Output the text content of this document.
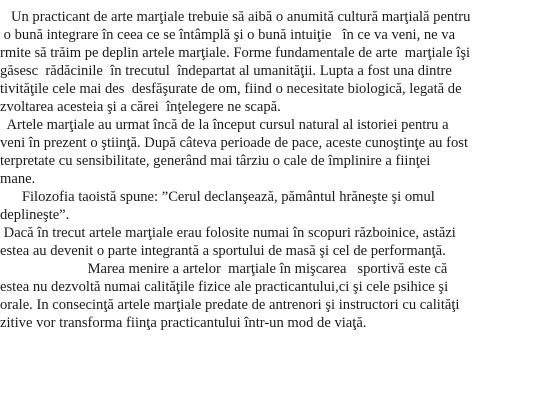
Un practicant de arte marţiale trebuie să aibă o anumită cultură marţială pentru
o bună integrare în ceea ce se întâmplă şi o bună intuiţie   în ce va veni, ne va
rmite să trăim pe deplin artele marţiale. Forme fundamentale de arte  marţiale îşi
găsesc  rădăcinile  în trecutul  îndepartat al umanităţii. Lupta a fost una dintre
tivităţile cele mai des  desfăşurate de om, fiind o necesitate biologică, legată de
zvoltarea acesteia şi a cărei  înţelegere ne scapă.
Artele marţiale au urmat încă de la început cursul natural al istoriei pentru a
veni în prezent o ştiinţă. După câteva perioade de pace, aceste cunoştinţe au fost
terpretate cu sensibilitate, generând mai târziu o cale de împlinire a fiinţei
mane.
Filozofia taoistă spune: ”Cerul declanşează, pământul hrăneşte şi omul
deplineşte”.
Dacă în trecut artele marţiale erau folosite numai în scopuri războinice, astăzi
estea au devenit o parte integrantă a sportului de masă şi cel de performanţă.
Marea menire a artelor  marţiale în mişcarea   sportivă este că
estea nu dezvoltă numai calităţile fizice ale practicantului,ci şi cele psihice şi
orale. In consecinţă artele marţiale predate de antrenori şi instructori cu calităţi
zitive vor transforma fiinţa practicantului într-un mod de viaţă.
